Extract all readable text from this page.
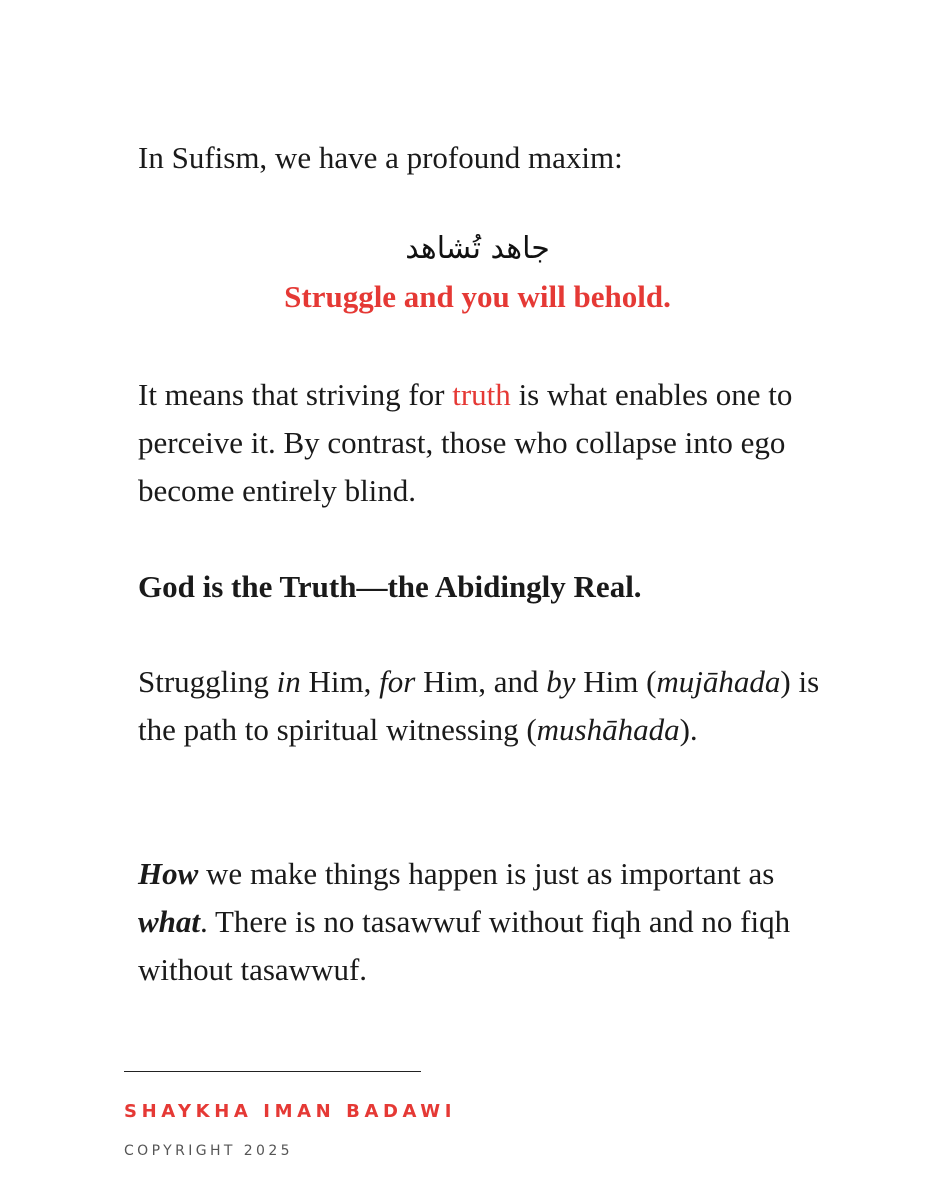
In Sufism, we have a profound maxim:

جاهد تُشاهد
Struggle and you will behold.

It means that striving for truth is what enables one to perceive it. By contrast, those who collapse into ego become entirely blind.

God is the Truth—the Abidingly Real.

Struggling in Him, for Him, and by Him (mujāhada) is the path to spiritual witnessing (mushāhada).

How we make things happen is just as important as what. There is no tasawwuf without fiqh and no fiqh without tasawwuf.

SHAYKHA IMAN BADAWI

COPYRIGHT 2025
